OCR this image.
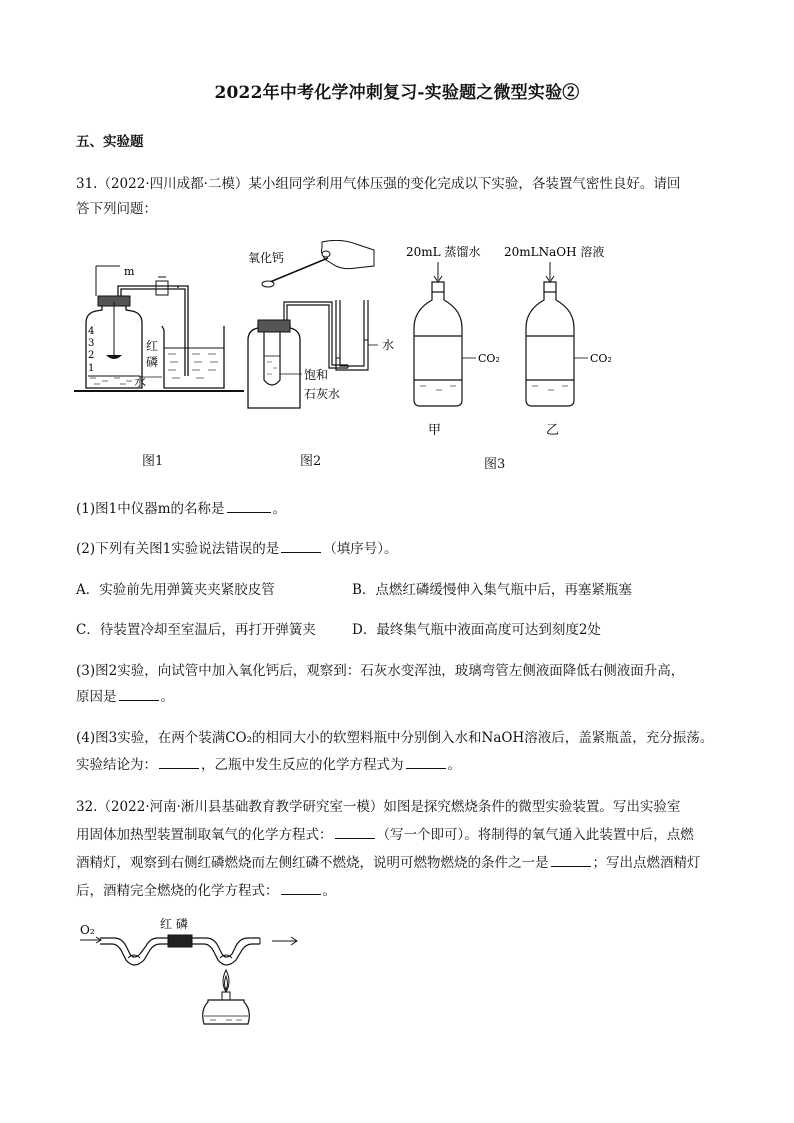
2022年中考化学冲刺复习-实验题之微型实验②
五、实验题
31.（2022·四川成都·二模）某小组同学利用气体压强的变化完成以下实验，各装置气密性良好。请回
答下列问题：
m
4
3
2
1
红
磷
水
图1
氧化钙
水
饱和
石灰水
图2
20mL 蒸馏水 20mLNaOH 溶液
CO₂	CO₂
甲	乙
图3
(1)图1中仪器m的名称是	。
(2)下列有关图1实验说法错误的是	（填序号）。
A．实验前先用弹簧夹夹紧胶皮管	B．点燃红磷缓慢伸入集气瓶中后，再塞紧瓶塞
C．待装置冷却至室温后，再打开弹簧夹	D．最终集气瓶中液面高度可达到刻度2处
(3)图2实验，向试管中加入氧化钙后，观察到：石灰水变浑浊，玻璃弯管左侧液面降低右侧液面升高，
原因是	。
(4)图3实验，在两个装满CO₂的相同大小的软塑料瓶中分别倒入水和NaOH溶液后，盖紧瓶盖，充分振荡。
实验结论为：	，乙瓶中发生反应的化学方程式为	。
32.（2022·河南·淅川县基础教育教学研究室一模）如图是探究燃烧条件的微型实验装置。写出实验室
用固体加热型装置制取氧气的化学方程式：	（写一个即可）。将制得的氧气通入此装置中后，点燃
酒精灯，观察到右侧红磷燃烧而左侧红磷不燃烧，说明可燃物燃烧的条件之一是	；写出点燃酒精灯
后，酒精完全燃烧的化学方程式：	。
O₂	红 磷
